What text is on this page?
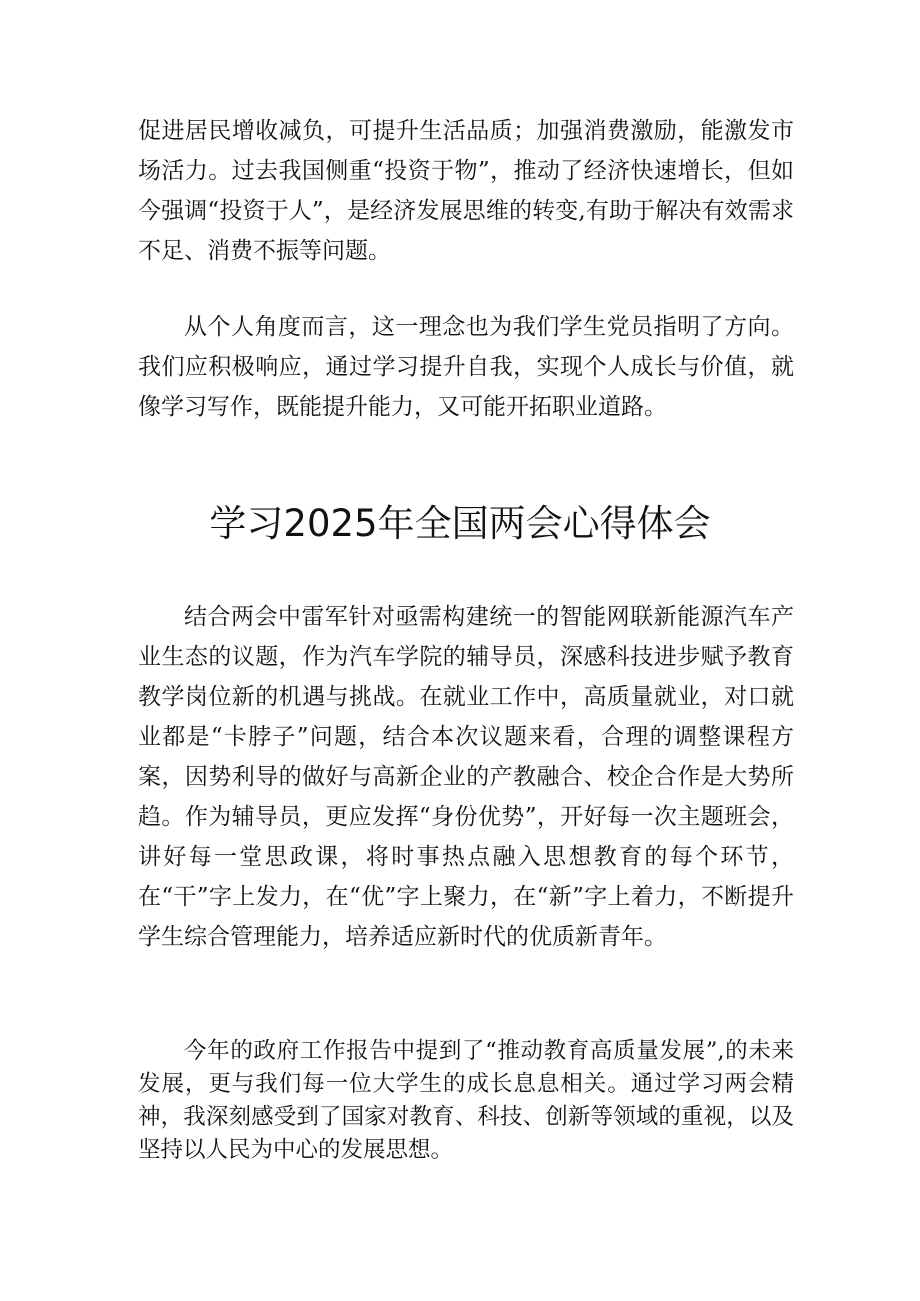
促进居民增收减负，可提升生活品质；加强消费激励，能激发市场活力。过去我国侧重“投资于物”，推动了经济快速增长，但如今强调“投资于人”，是经济发展思维的转变,有助于解决有效需求不足、消费不振等问题。

从个人角度而言，这一理念也为我们学生党员指明了方向。我们应积极响应，通过学习提升自我，实现个人成长与价值，就像学习写作，既能提升能力，又可能开拓职业道路。

学习2025年全国两会心得体会

结合两会中雷军针对亟需构建统一的智能网联新能源汽车产业生态的议题，作为汽车学院的辅导员，深感科技进步赋予教育教学岗位新的机遇与挑战。在就业工作中，高质量就业，对口就业都是“卡脖子”问题，结合本次议题来看，合理的调整课程方案，因势利导的做好与高新企业的产教融合、校企合作是大势所趋。作为辅导员，更应发挥“身份优势”，开好每一次主题班会，讲好每一堂思政课，将时事热点融入思想教育的每个环节，在“干”字上发力，在“优”字上聚力，在“新”字上着力，不断提升学生综合管理能力，培养适应新时代的优质新青年。

今年的政府工作报告中提到了“推动教育高质量发展”,的未来发展，更与我们每一位大学生的成长息息相关。通过学习两会精神，我深刻感受到了国家对教育、科技、创新等领域的重视，以及坚持以人民为中心的发展思想。
